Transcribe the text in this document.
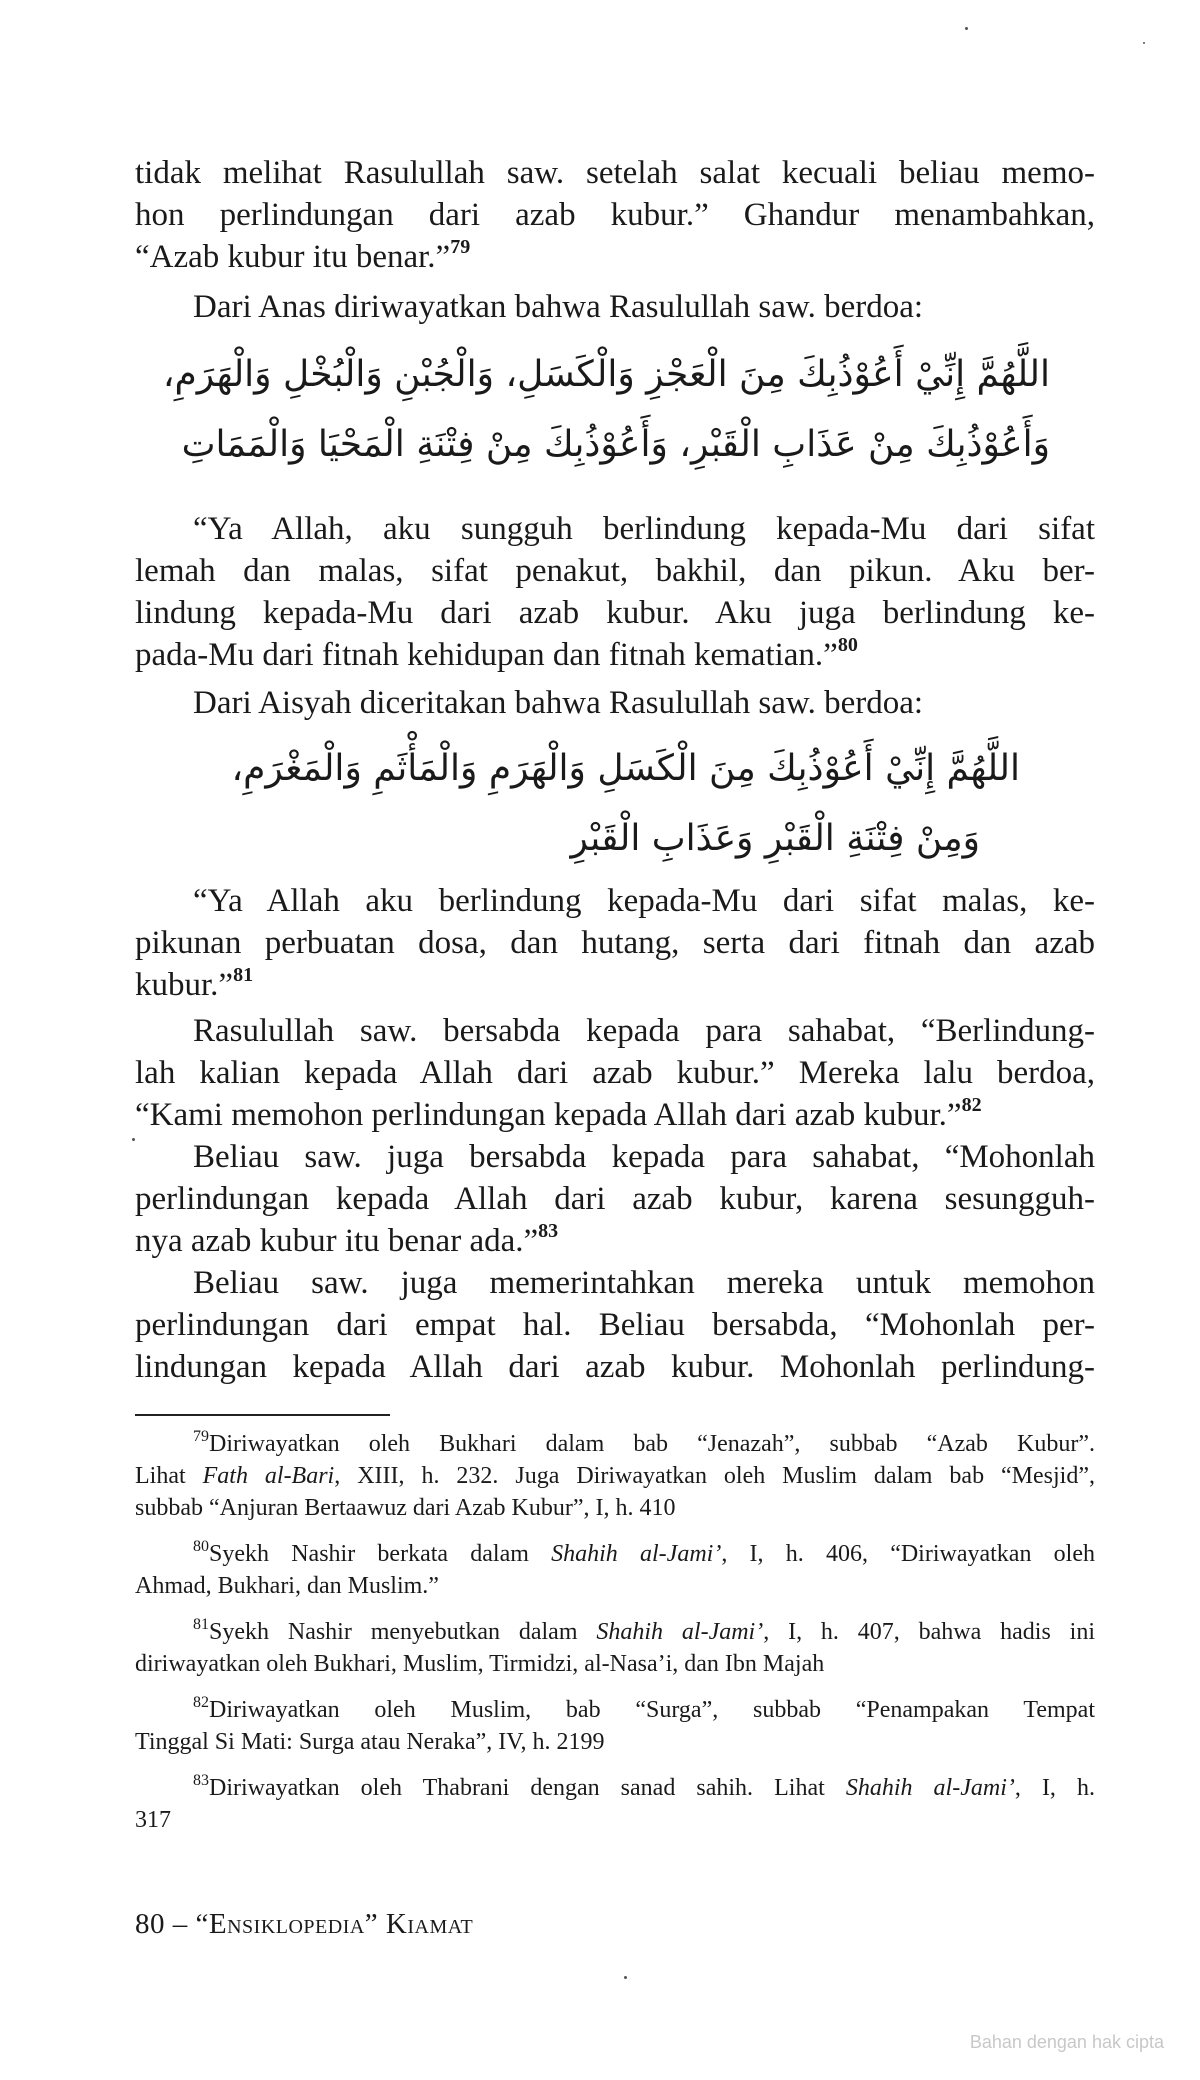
tidak melihat Rasulullah saw. setelah salat kecuali beliau memo-
hon perlindungan dari azab kubur.” Ghandur menambahkan,
“Azab kubur itu benar.”$^{79}$

Dari Anas diriwayatkan bahwa Rasulullah saw. berdoa:

اللَّهُمَّ إِنِّيْ أَعُوْذُبِكَ مِنَ الْعَجْزِ وَالْكَسَلِ، وَالْجُبْنِ وَالْبُخْلِ وَالْهَرَمِ،
وَأَعُوْذُبِكَ مِنْ عَذَابِ الْقَبْرِ، وَأَعُوْذُبِكَ مِنْ فِتْنَةِ الْمَحْيَا وَالْمَمَاتِ

“Ya Allah, aku sungguh berlindung kepada-Mu dari sifat
lemah dan malas, sifat penakut, bakhil, dan pikun. Aku ber-
lindung kepada-Mu dari azab kubur. Aku juga berlindung ke-
pada-Mu dari fitnah kehidupan dan fitnah kematian.”$^{80}$

Dari Aisyah diceritakan bahwa Rasulullah saw. berdoa:

اللَّهُمَّ إِنِّيْ أَعُوْذُبِكَ مِنَ الْكَسَلِ وَالْهَرَمِ وَالْمَأْثَمِ وَالْمَغْرَمِ،
وَمِنْ فِتْنَةِ الْقَبْرِ وَعَذَابِ الْقَبْرِ

“Ya Allah aku berlindung kepada-Mu dari sifat malas, ke-
pikunan perbuatan dosa, dan hutang, serta dari fitnah dan azab
kubur.”$^{81}$

Rasulullah saw. bersabda kepada para sahabat, “Berlindung-
lah kalian kepada Allah dari azab kubur.” Mereka lalu berdoa,
“Kami memohon perlindungan kepada Allah dari azab kubur.”$^{82}$

Beliau saw. juga bersabda kepada para sahabat, “Mohonlah
perlindungan kepada Allah dari azab kubur, karena sesungguh-
nya azab kubur itu benar ada.”$^{83}$

Beliau saw. juga memerintahkan mereka untuk memohon
perlindungan dari empat hal. Beliau bersabda, “Mohonlah per-
lindungan kepada Allah dari azab kubur. Mohonlah perlindung-

$^{79}$Diriwayatkan oleh Bukhari dalam bab “Jenazah”, subbab “Azab Kubur”.
Lihat Fath al-Bari, XIII, h. 232. Juga Diriwayatkan oleh Muslim dalam bab “Mesjid”,
subbab “Anjuran Bertaawuz dari Azab Kubur”, I, h. 410
$^{80}$Syekh Nashir berkata dalam Shahih al-Jami’, I, h. 406, “Diriwayatkan oleh
Ahmad, Bukhari, dan Muslim.”
$^{81}$Syekh Nashir menyebutkan dalam Shahih al-Jami’, I, h. 407, bahwa hadis ini
diriwayatkan oleh Bukhari, Muslim, Tirmidzi, al-Nasa’i, dan Ibn Majah
$^{82}$Diriwayatkan oleh Muslim, bab “Surga”, subbab “Penampakan Tempat
Tinggal Si Mati: Surga atau Neraka”, IV, h. 2199
$^{83}$Diriwayatkan oleh Thabrani dengan sanad sahih. Lihat Shahih al-Jami’, I, h.
317
80 – “Ensiklopedia” Kiamat
Bahan dengan hak cipta
